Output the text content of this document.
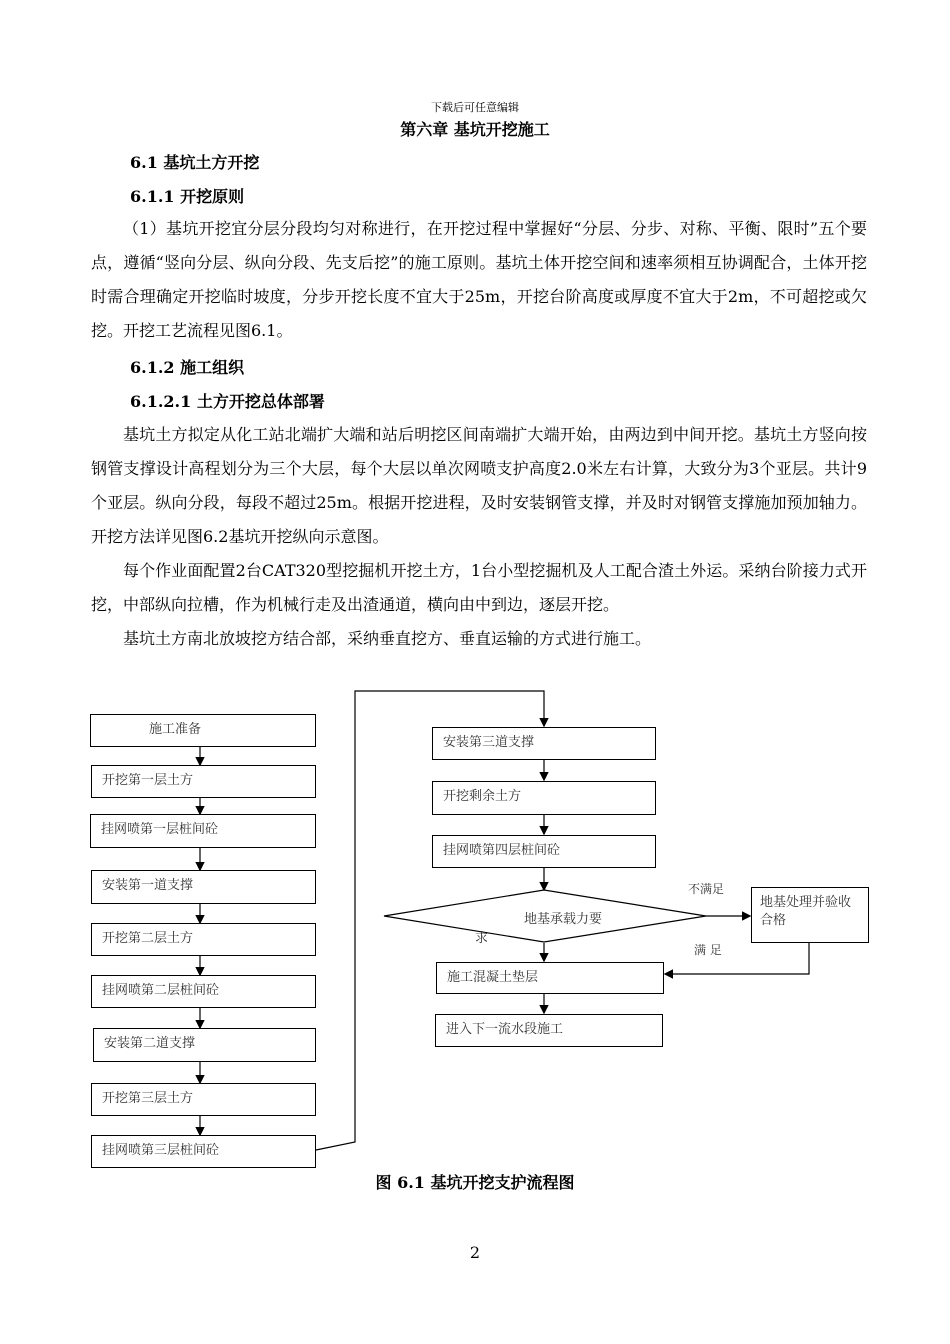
下载后可任意编辑
第六章 基坑开挖施工
6.1 基坑土方开挖
6.1.1 开挖原则

（1）基坑开挖宜分层分段均匀对称进行，在开挖过程中掌握好“分层、分步、对称、平衡、限时”五个要点，遵循“竖向分层、纵向分段、先支后挖”的施工原则。基坑土体开挖空间和速率须相互协调配合，土体开挖时需合理确定开挖临时坡度，分步开挖长度不宜大于25m，开挖台阶高度或厚度不宜大于2m，不可超挖或欠挖。开挖工艺流程见图6.1。

6.1.2 施工组织
6.1.2.1 土方开挖总体部署

基坑土方拟定从化工站北端扩大端和站后明挖区间南端扩大端开始，由两边到中间开挖。基坑土方竖向按钢管支撑设计高程划分为三个大层，每个大层以单次网喷支护高度2.0米左右计算，大致分为3个亚层。共计9个亚层。纵向分段，每段不超过25m。根据开挖进程，及时安装钢管支撑，并及时对钢管支撑施加预加轴力。开挖方法详见图6.2基坑开挖纵向示意图。

每个作业面配置2台CAT320型挖掘机开挖土方，1台小型挖掘机及人工配合渣土外运。采纳台阶接力式开挖，中部纵向拉槽，作为机械行走及出渣通道，横向由中到边，逐层开挖。

基坑土方南北放坡挖方结合部，采纳垂直挖方、垂直运输的方式进行施工。

施工准备
开挖第一层土方
挂网喷第一层桩间砼
安装第一道支撑
开挖第二层土方
挂网喷第二层桩间砼
安装第二道支撑
开挖第三层土方
挂网喷第三层桩间砼
安装第三道支撑
开挖剩余土方
挂网喷第四层桩间砼
地基承载力要
求
不满足
满 足
地基处理并验收合格
施工混凝土垫层
进入下一流水段施工
图 6.1 基坑开挖支护流程图
2
